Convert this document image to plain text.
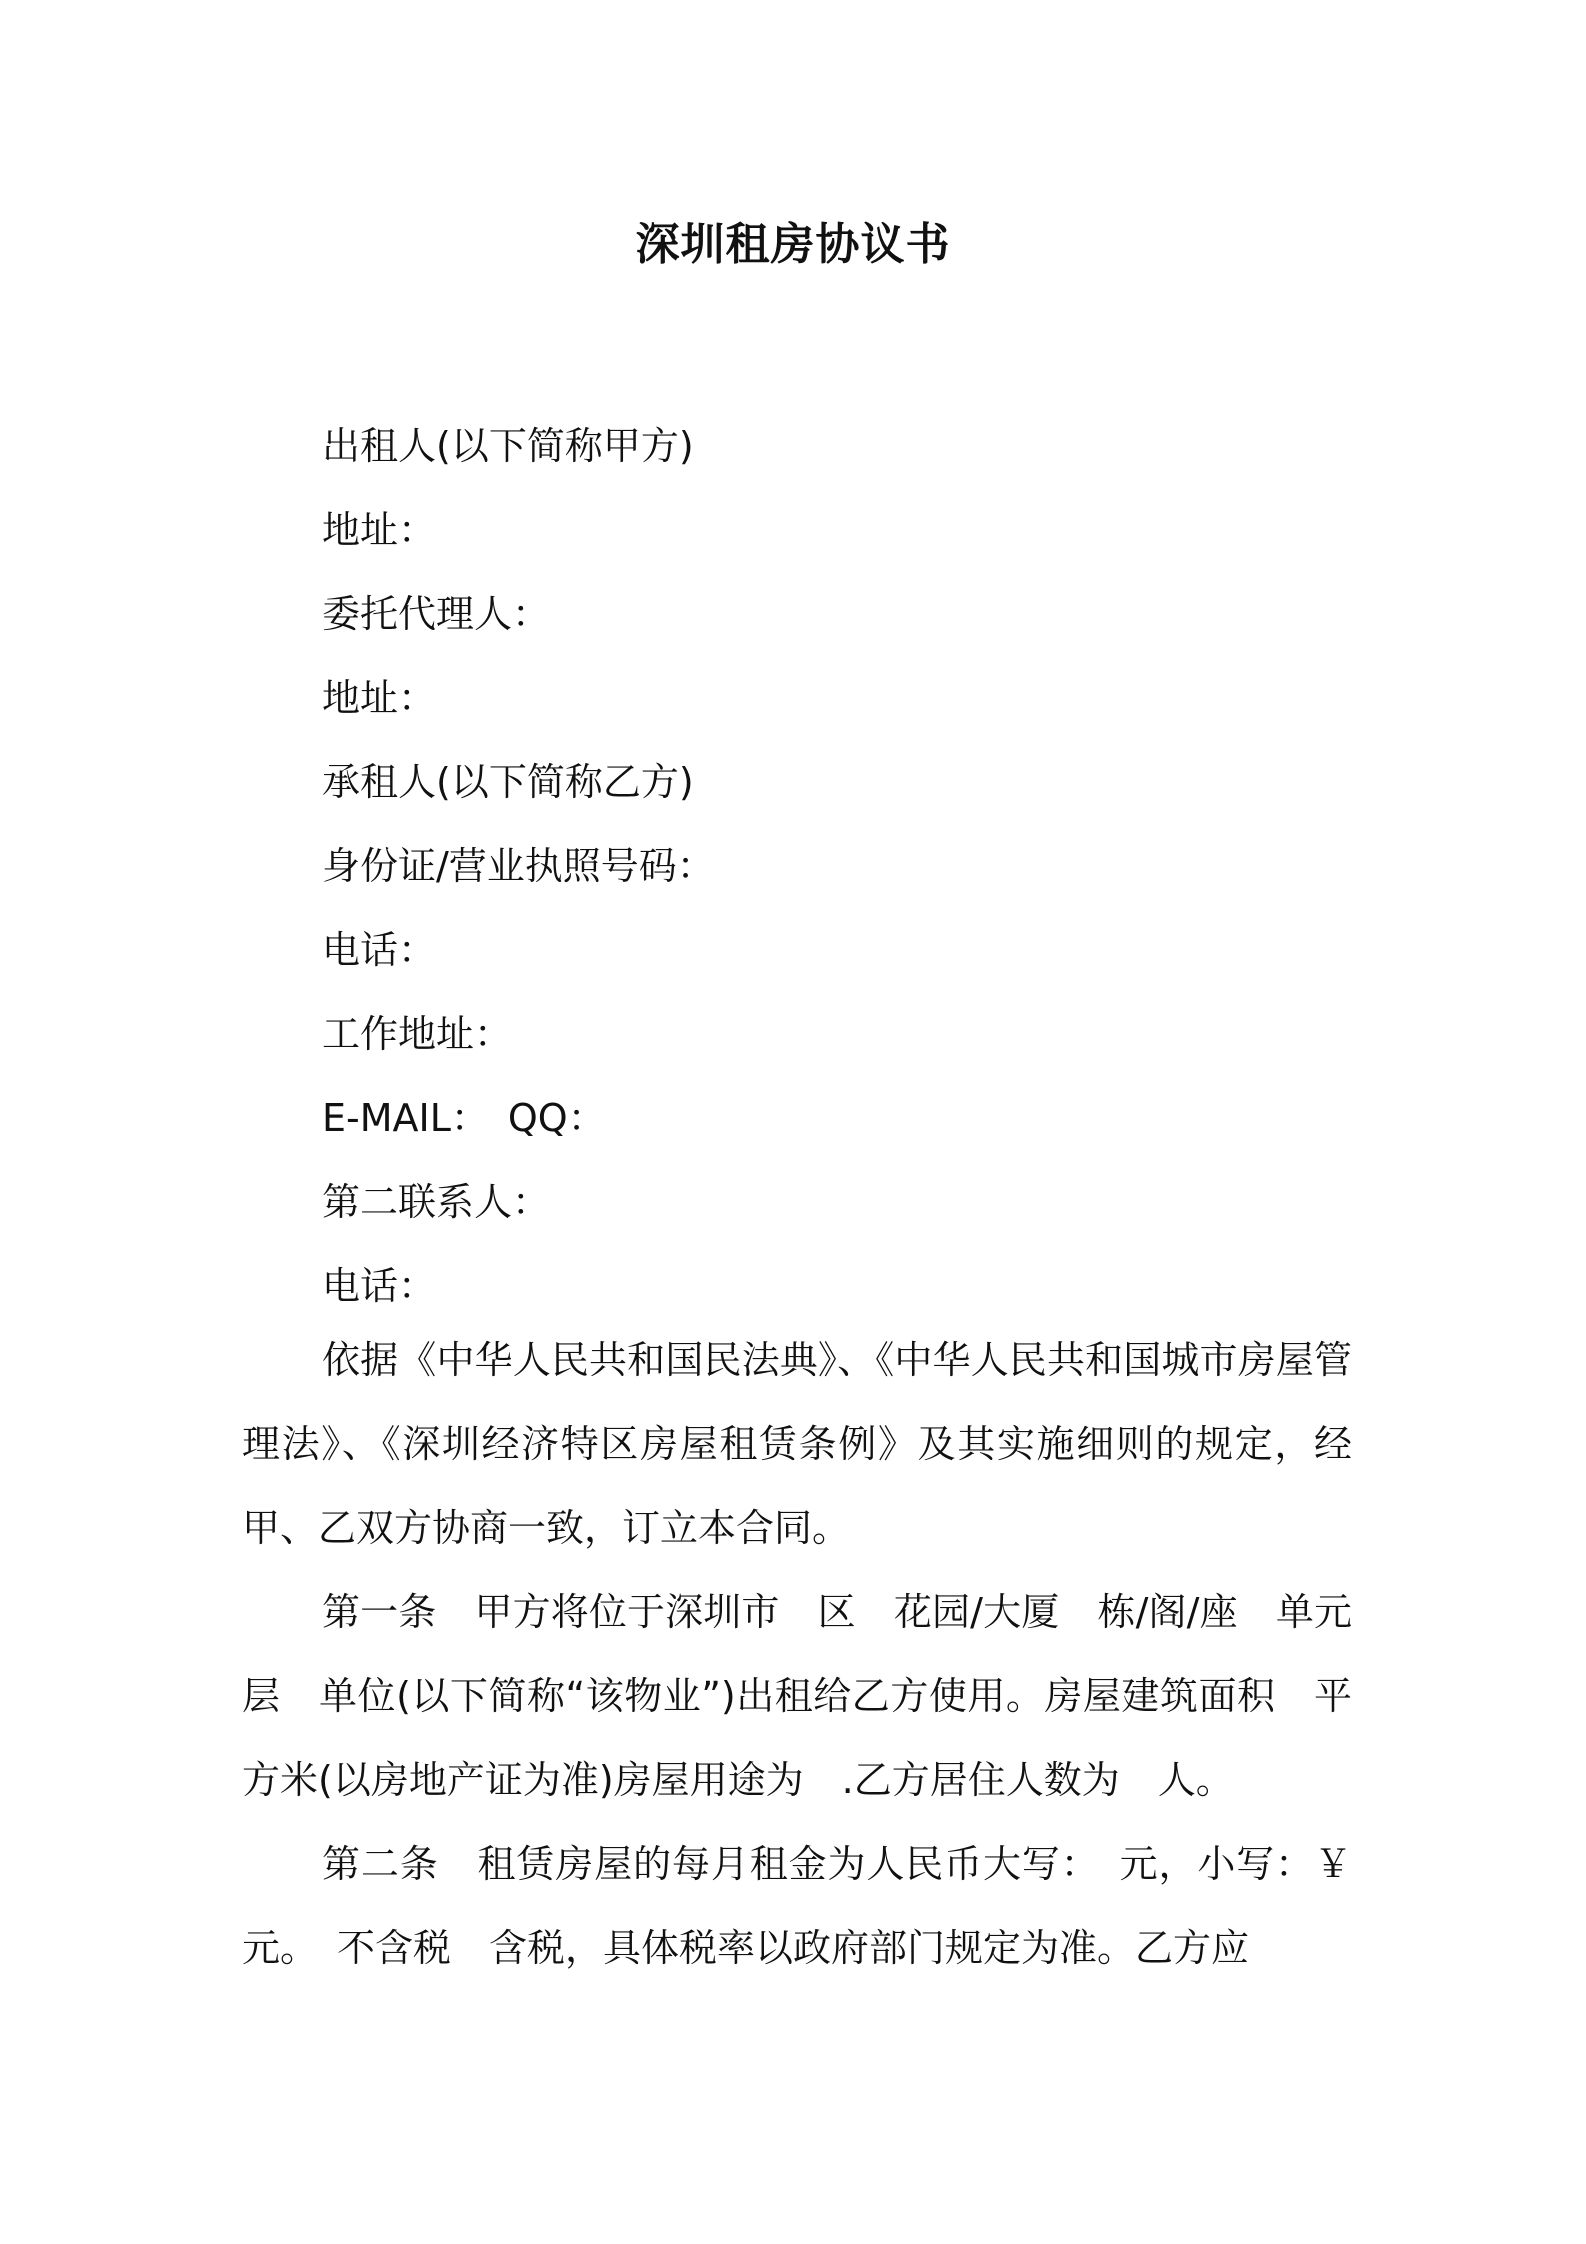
深圳租房协议书
出租人(以下简称甲方)
地址：
委托代理人：
地址：
承租人(以下简称乙方)
身份证/营业执照号码：
电话：
工作地址：
E-MAIL：　QQ：
第二联系人：
电话：

依据《中华人民共和国民法典》、《中华人民共和国城市房屋管理法》、《深圳经济特区房屋租赁条例》及其实施细则的规定，经甲、乙双方协商一致，订立本合同。

第一条　甲方将位于深圳市　区　花园/大厦　栋/阁/座　单元　层　单位(以下简称“该物业”)出租给乙方使用。房屋建筑面积　平方米(以房地产证为准)房屋用途为　.乙方居住人数为　人。

第二条　租赁房屋的每月租金为人民币大写：　元，小写：￥　元。　不含税　含税，具体税率以政府部门规定为准。乙方应
